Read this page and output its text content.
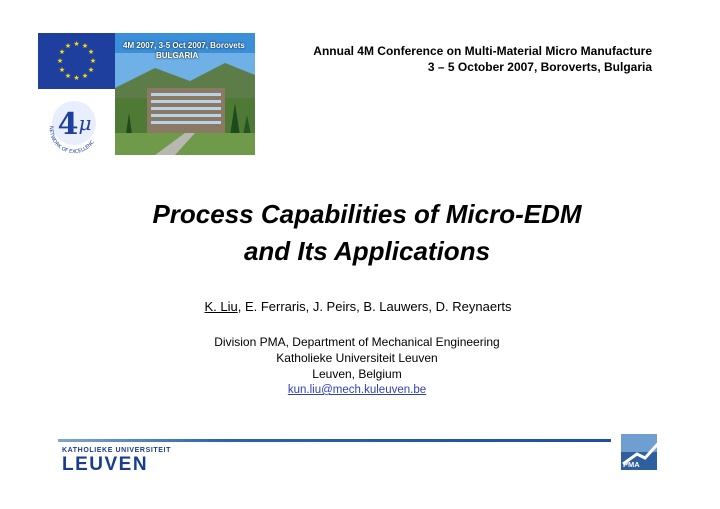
★ ★
★
★
★
★
★
★
★
★
★
★
4 μ
NETWORK OF EXCELLENC
4M 2007, 3-5 Oct 2007, Borovets
BULGARIA	Annual 4M Conference on Multi-Material Micro Manufacture
3 – 5 October 2007, Boroverts, Bulgaria
Process Capabilities of Micro-EDM
and Its Applications
K. Liu, E. Ferraris, J. Peirs, B. Lauwers, D. Reynaerts
Division PMA, Department of Mechanical Engineering
Katholieke Universiteit Leuven
Leuven, Belgium
kun.liu@mech.kuleuven.be
KATHOLIEKE UNIVERSITEIT
LEUVEN	PMA
